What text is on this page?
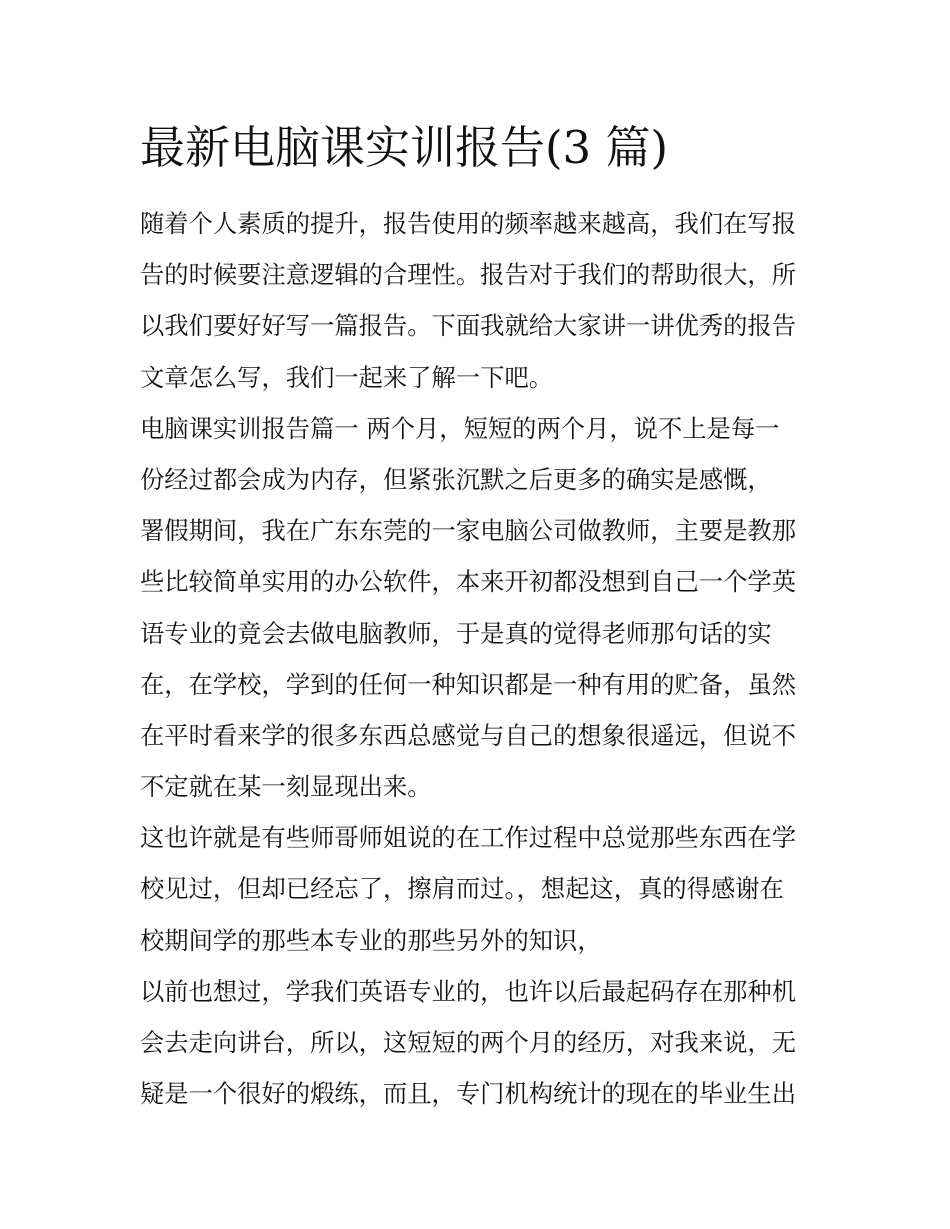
最新电脑课实训报告(3 篇)
随着个人素质的提升，报告使用的频率越来越高，我们在写报
告的时候要注意逻辑的合理性。报告对于我们的帮助很大，所
以我们要好好写一篇报告。下面我就给大家讲一讲优秀的报告
文章怎么写，我们一起来了解一下吧。
电脑课实训报告篇一 两个月，短短的两个月，说不上是每一
份经过都会成为内存，但紧张沉默之后更多的确实是感慨，
署假期间，我在广东东莞的一家电脑公司做教师，主要是教那
些比较简单实用的办公软件，本来开初都没想到自己一个学英
语专业的竟会去做电脑教师，于是真的觉得老师那句话的实
在，在学校，学到的任何一种知识都是一种有用的贮备，虽然
在平时看来学的很多东西总感觉与自己的想象很遥远，但说不
不定就在某一刻显现出来。
这也许就是有些师哥师姐说的在工作过程中总觉那些东西在学
校见过，但却已经忘了，擦肩而过。，想起这，真的得感谢在
校期间学的那些本专业的那些另外的知识，
以前也想过，学我们英语专业的，也许以后最起码存在那种机
会去走向讲台，所以，这短短的两个月的经历，对我来说，无
疑是一个很好的煅练，而且，专门机构统计的现在的毕业生出
